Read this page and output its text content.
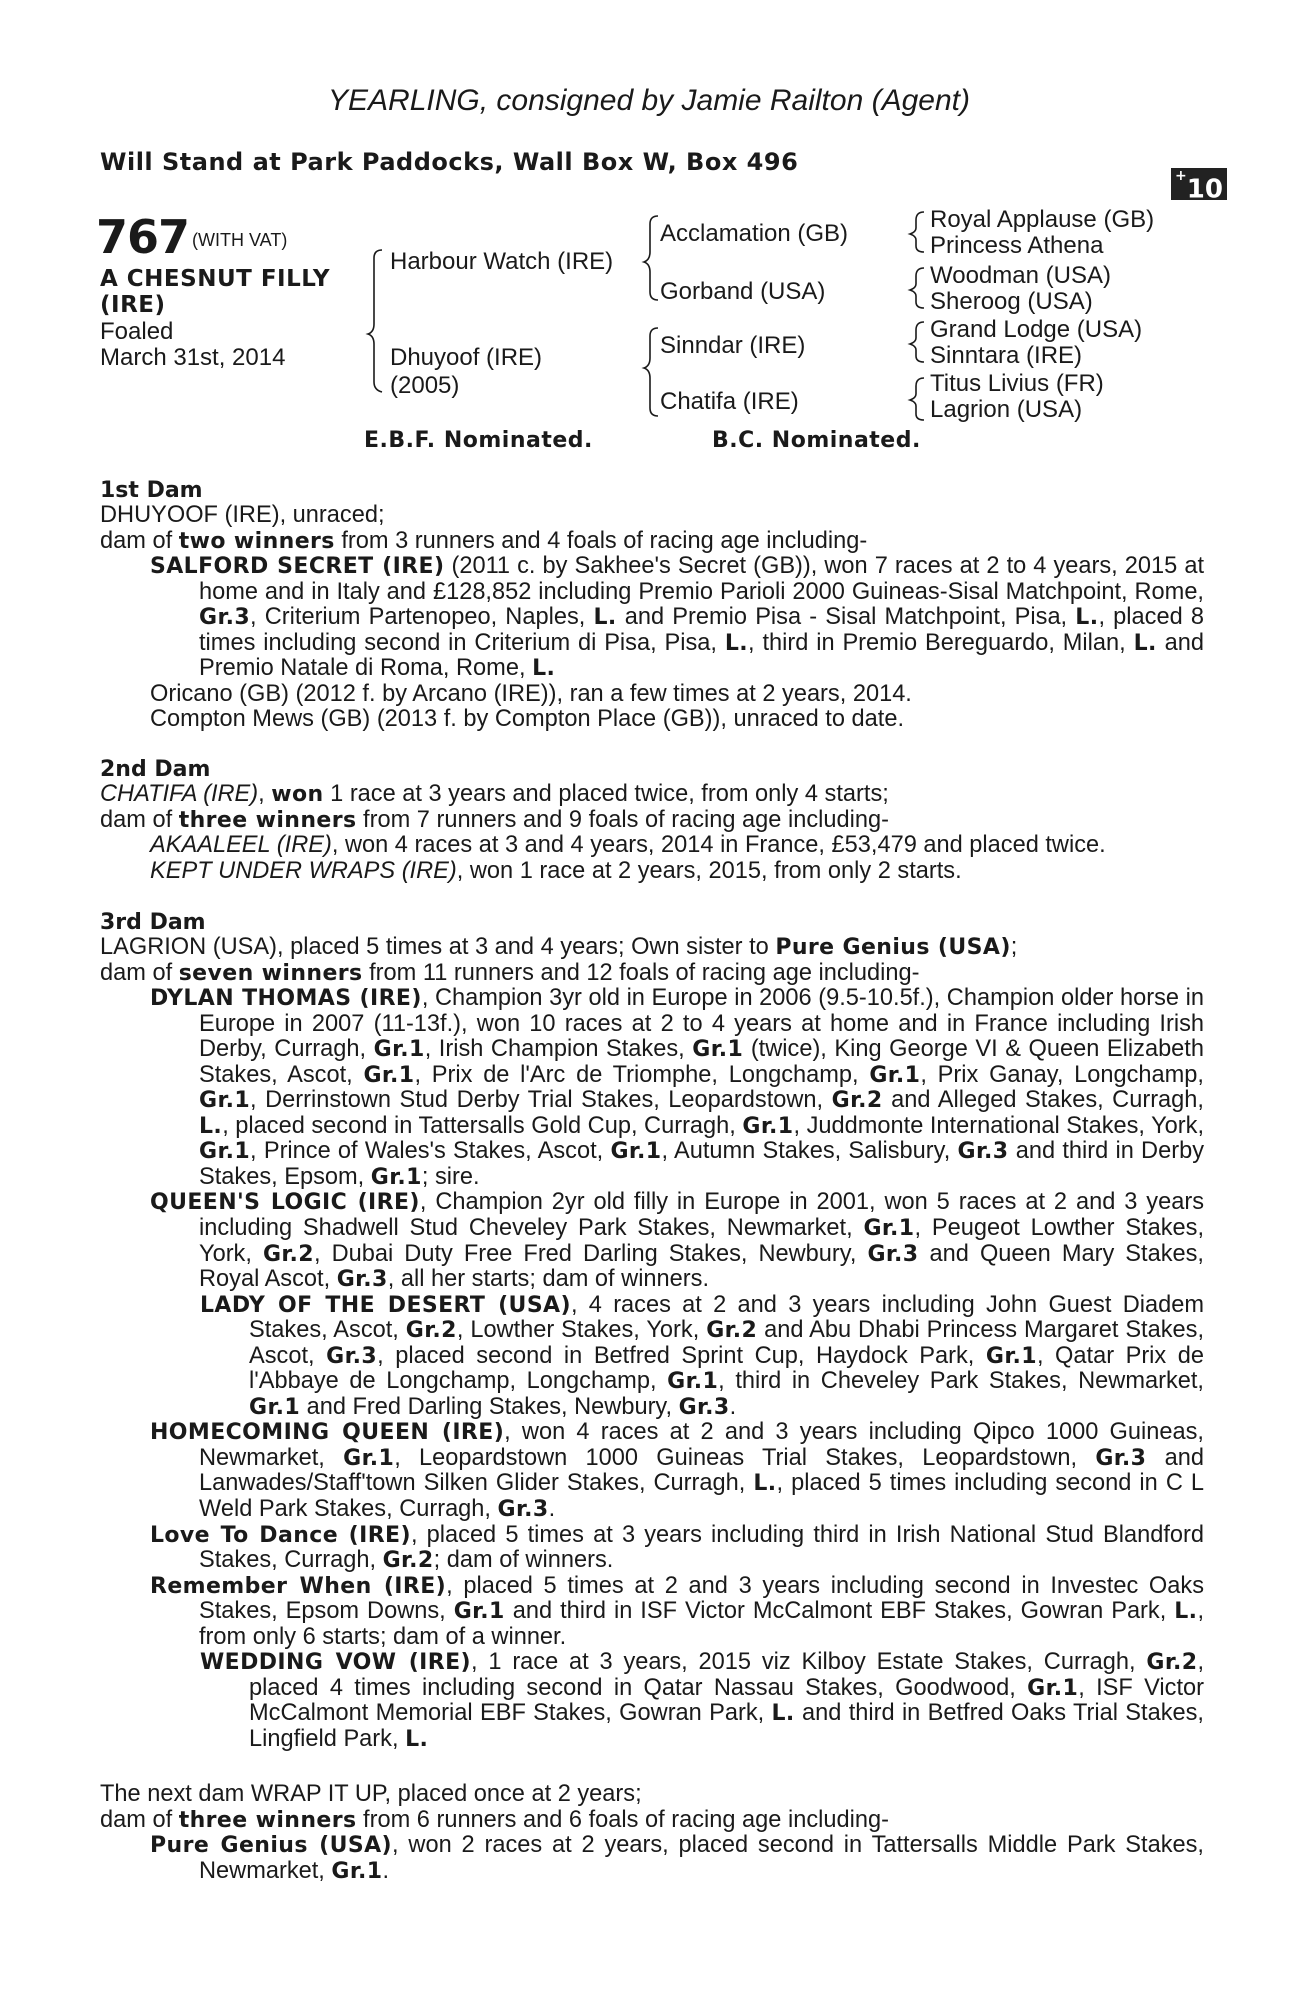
YEARLING, consigned by Jamie Railton (Agent)
Will Stand at Park Paddocks, Wall Box W, Box 496	+10
767 (WITH VAT)
A CHESNUT FILLY
(IRE)
Foaled
March 31st, 2014
Harbour Watch (IRE)
Dhuyoof (IRE)
(2005)
Acclamation (GB)
Gorband (USA)
Sinndar (IRE)
Chatifa (IRE)
Royal Applause (GB)
Princess Athena
Woodman (USA)
Sheroog (USA)
Grand Lodge (USA)
Sinntara (IRE)
Titus Livius (FR)
Lagrion (USA)
E.B.F. Nominated.	B.C. Nominated.
1st Dam

DHUYOOF (IRE), unraced;

dam of two winners from 3 runners and 4 foals of racing age including-

SALFORD SECRET (IRE) (2011 c. by Sakhee's Secret (GB)), won 7 races at 2 to 4 years, 2015 at home and in Italy and £128,852 including Premio Parioli 2000 Guineas-Sisal Matchpoint, Rome, Gr.3, Criterium Partenopeo, Naples, L. and Premio Pisa - Sisal Matchpoint, Pisa, L., placed 8 times including second in Criterium di Pisa, Pisa, L., third in Premio Bereguardo, Milan, L. and Premio Natale di Roma, Rome, L.

Oricano (GB) (2012 f. by Arcano (IRE)), ran a few times at 2 years, 2014.

Compton Mews (GB) (2013 f. by Compton Place (GB)), unraced to date.

2nd Dam

CHATIFA (IRE), won 1 race at 3 years and placed twice, from only 4 starts;

dam of three winners from 7 runners and 9 foals of racing age including-

AKAALEEL (IRE), won 4 races at 3 and 4 years, 2014 in France, £53,479 and placed twice.

KEPT UNDER WRAPS (IRE), won 1 race at 2 years, 2015, from only 2 starts.

3rd Dam

LAGRION (USA), placed 5 times at 3 and 4 years; Own sister to Pure Genius (USA);

dam of seven winners from 11 runners and 12 foals of racing age including-

DYLAN THOMAS (IRE), Champion 3yr old in Europe in 2006 (9.5-10.5f.), Champion older horse in Europe in 2007 (11-13f.), won 10 races at 2 to 4 years at home and in France including Irish Derby, Curragh, Gr.1, Irish Champion Stakes, Gr.1 (twice), King George VI & Queen Elizabeth Stakes, Ascot, Gr.1, Prix de l'Arc de Triomphe, Longchamp, Gr.1, Prix Ganay, Longchamp, Gr.1, Derrinstown Stud Derby Trial Stakes, Leopardstown, Gr.2 and Alleged Stakes, Curragh, L., placed second in Tattersalls Gold Cup, Curragh, Gr.1, Juddmonte International Stakes, York, Gr.1, Prince of Wales's Stakes, Ascot, Gr.1, Autumn Stakes, Salisbury, Gr.3 and third in Derby Stakes, Epsom, Gr.1; sire.

QUEEN'S LOGIC (IRE), Champion 2yr old filly in Europe in 2001, won 5 races at 2 and 3 years including Shadwell Stud Cheveley Park Stakes, Newmarket, Gr.1, Peugeot Lowther Stakes, York, Gr.2, Dubai Duty Free Fred Darling Stakes, Newbury, Gr.3 and Queen Mary Stakes, Royal Ascot, Gr.3, all her starts; dam of winners.

LADY OF THE DESERT (USA), 4 races at 2 and 3 years including John Guest Diadem Stakes, Ascot, Gr.2, Lowther Stakes, York, Gr.2 and Abu Dhabi Princess Margaret Stakes, Ascot, Gr.3, placed second in Betfred Sprint Cup, Haydock Park, Gr.1, Qatar Prix de l'Abbaye de Longchamp, Longchamp, Gr.1, third in Cheveley Park Stakes, Newmarket, Gr.1 and Fred Darling Stakes, Newbury, Gr.3.

HOMECOMING QUEEN (IRE), won 4 races at 2 and 3 years including Qipco 1000 Guineas, Newmarket, Gr.1, Leopardstown 1000 Guineas Trial Stakes, Leopardstown, Gr.3 and Lanwades/Staff'town Silken Glider Stakes, Curragh, L., placed 5 times including second in C L Weld Park Stakes, Curragh, Gr.3.

Love To Dance (IRE), placed 5 times at 3 years including third in Irish National Stud Blandford Stakes, Curragh, Gr.2; dam of winners.

Remember When (IRE), placed 5 times at 2 and 3 years including second in Investec Oaks Stakes, Epsom Downs, Gr.1 and third in ISF Victor McCalmont EBF Stakes, Gowran Park, L., from only 6 starts; dam of a winner.

WEDDING VOW (IRE), 1 race at 3 years, 2015 viz Kilboy Estate Stakes, Curragh, Gr.2, placed 4 times including second in Qatar Nassau Stakes, Goodwood, Gr.1, ISF Victor McCalmont Memorial EBF Stakes, Gowran Park, L. and third in Betfred Oaks Trial Stakes, Lingfield Park, L.

The next dam WRAP IT UP, placed once at 2 years;

dam of three winners from 6 runners and 6 foals of racing age including-

Pure Genius (USA), won 2 races at 2 years, placed second in Tattersalls Middle Park Stakes, Newmarket, Gr.1.
